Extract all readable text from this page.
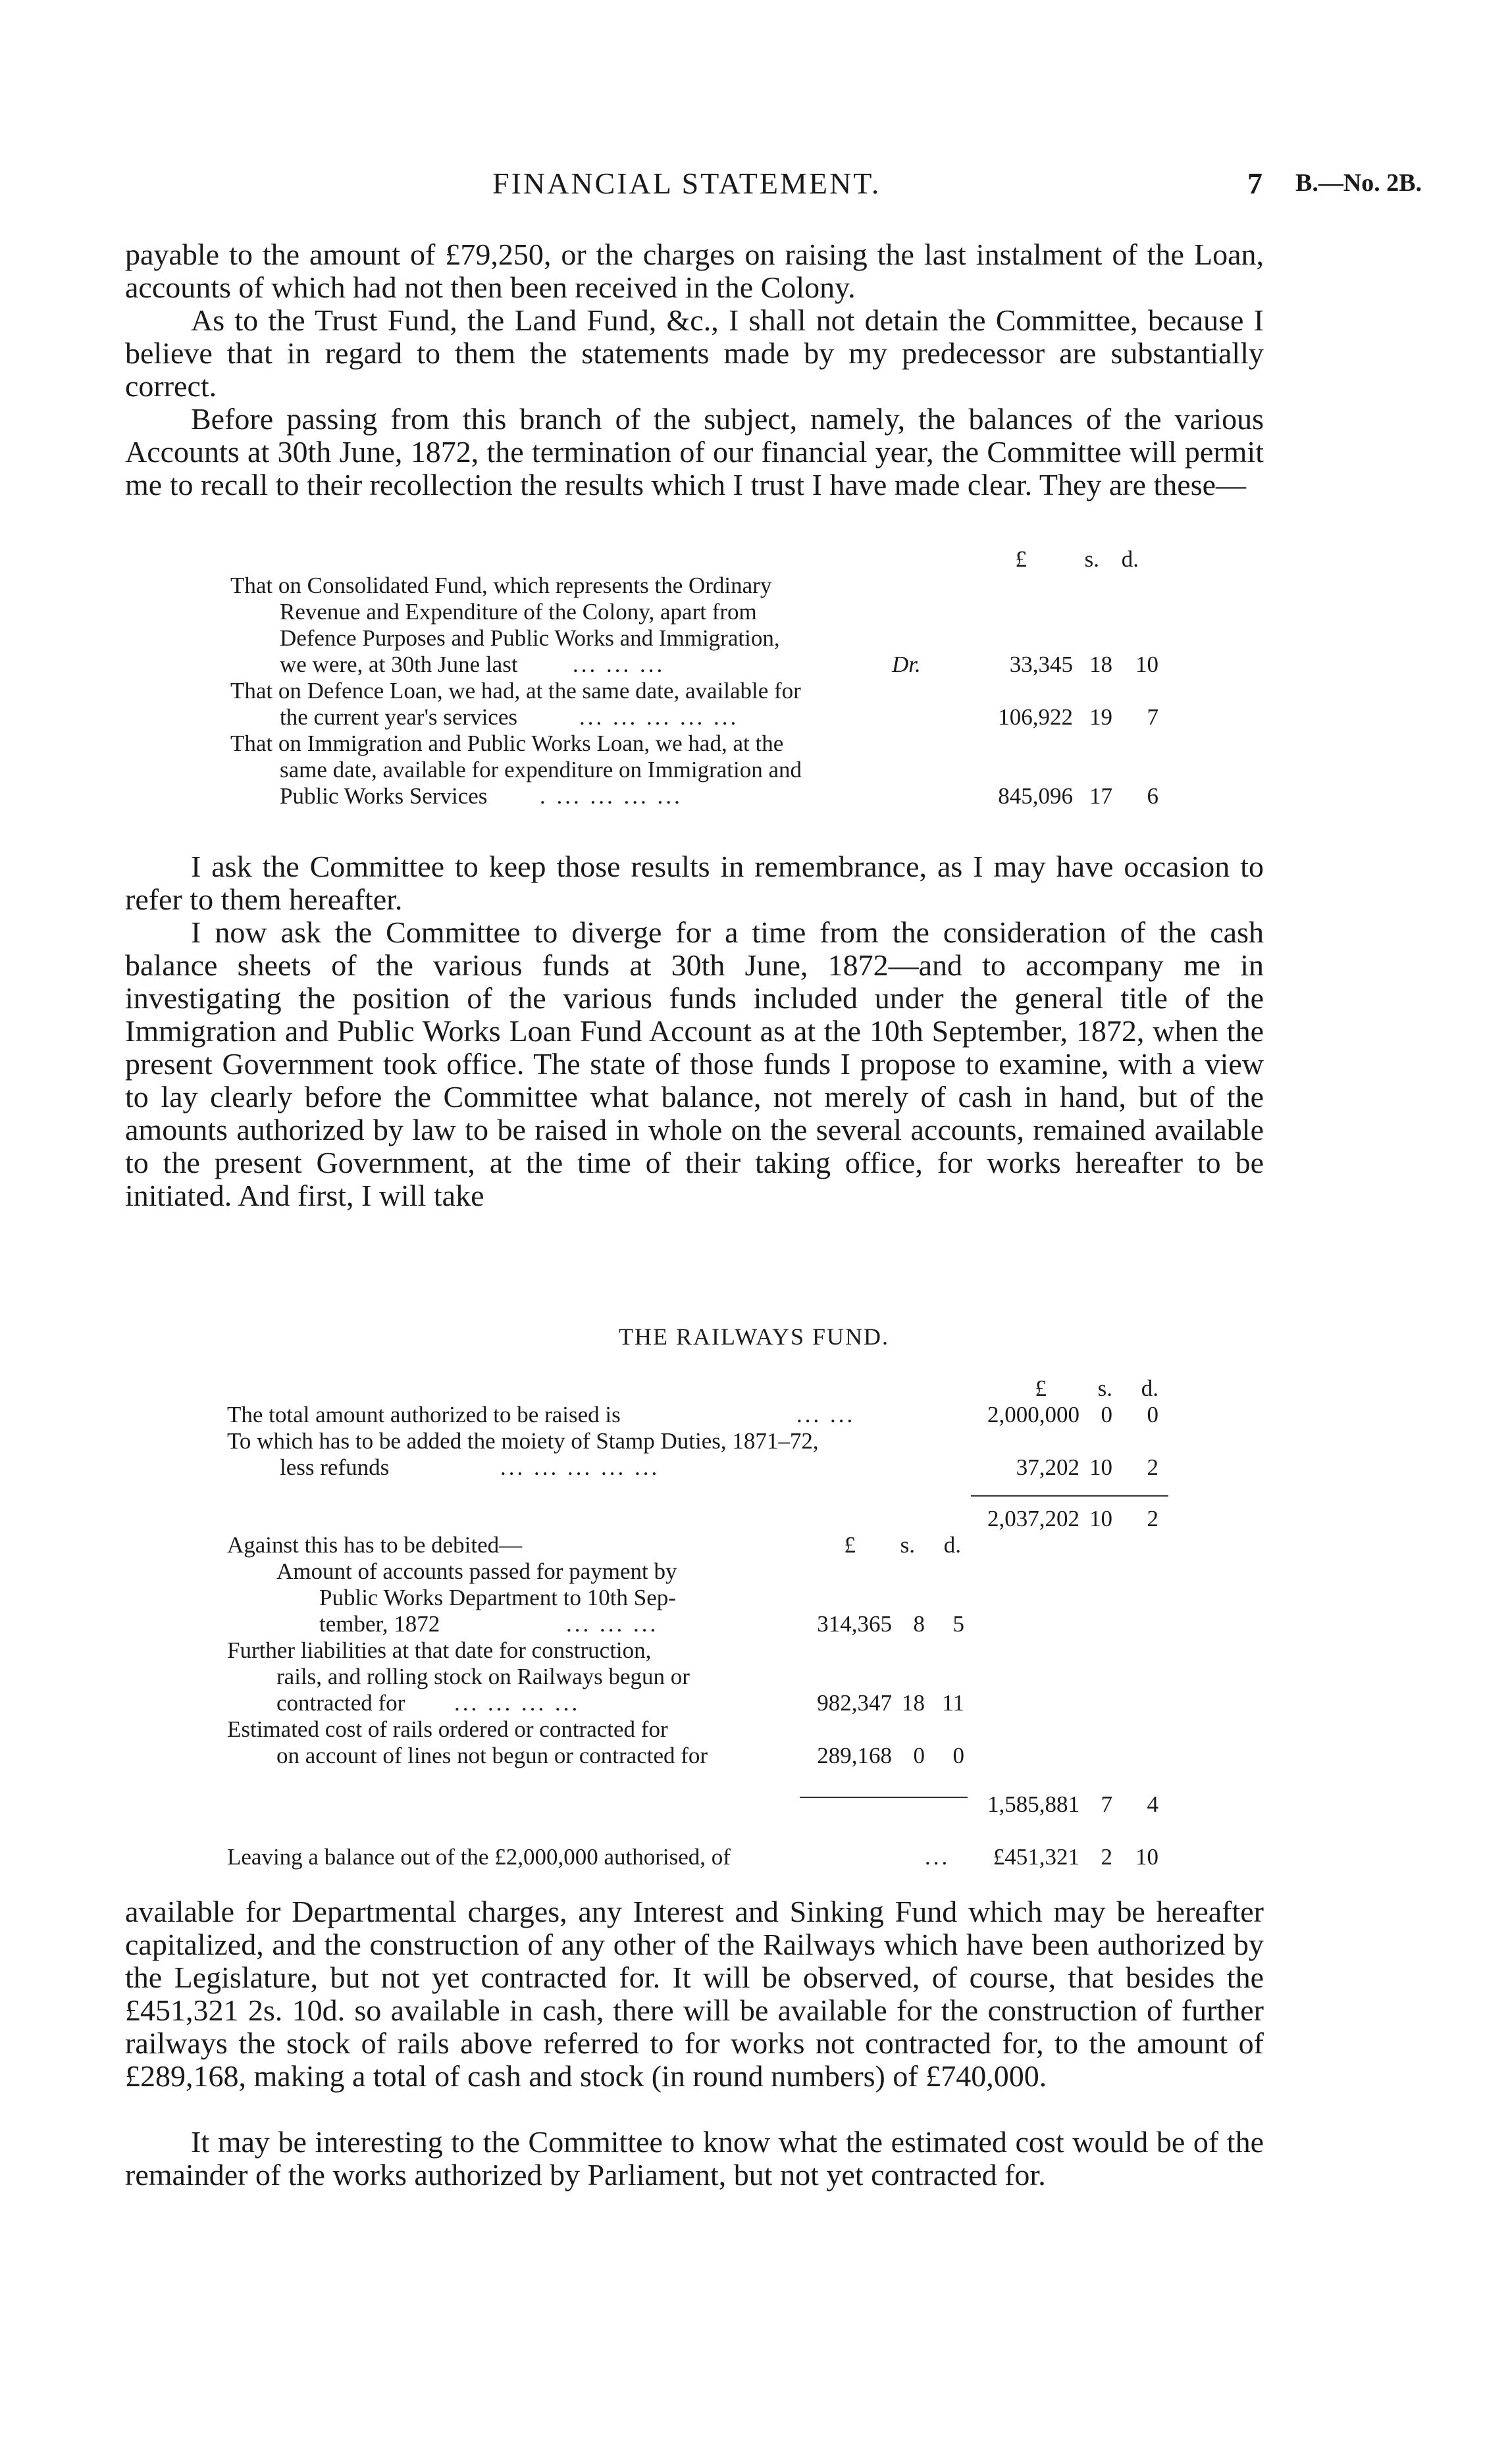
FINANCIAL STATEMENT.	7 B.—No. 2B.

payable to the amount of £79,250, or the charges on raising the last instalment of the Loan, accounts of which had not then been received in the Colony.

As to the Trust Fund, the Land Fund, &c., I shall not detain the Committee, because I believe that in regard to them the statements made by my predecessor are substantially correct.

Before passing from this branch of the subject, namely, the balances of the various Accounts at 30th June, 1872, the termination of our financial year, the Committee will permit me to recall to their recollection the results which I trust I have made clear. They are these—

£	s. d.
That on Consolidated Fund, which represents the Ordinary
Revenue and Expenditure of the Colony, apart from
Defence Purposes and Public Works and Immigration,
we were, at 30th June last ... ... ...	Dr.	33,345 18	10
That on Defence Loan, we had, at the same date, available for
the current year's services	... ... ... ... ...	106,922 19	7
That on Immigration and Public Works Loan, we had, at the
same date, available for expenditure on Immigration and
Public Works Services . ... ... ... ...	845,096 17	6

I ask the Committee to keep those results in remembrance, as I may have occasion to refer to them hereafter.

I now ask the Committee to diverge for a time from the consideration of the cash balance sheets of the various funds at 30th June, 1872—and to accompany me in investigating the position of the various funds included under the general title of the Immigration and Public Works Loan Fund Account as at the 10th September, 1872, when the present Government took office. The state of those funds I propose to examine, with a view to lay clearly before the Committee what balance, not merely of cash in hand, but of the amounts authorized by law to be raised in whole on the several accounts, remained available to the present Government, at the time of their taking office, for works hereafter to be initiated. And first, I will take

THE RAILWAYS FUND.
£	s.	d.
The total amount authorized to be raised is	... ...	2,000,000 0	0
To which has to be added the moiety of Stamp Duties, 1871–72,
less refunds	... ... ... ... ...	37,202 10	2
2,037,202 10	2
Against this has to be debited—	£	s.	d.
Amount of accounts passed for payment by
Public Works Department to 10th Sep-
tember, 1872	... ... ...	314,365 8	5
Further liabilities at that date for construction,
rails, and rolling stock on Railways begun or
contracted for ... ... ... ...	982,347 18 11
Estimated cost of rails ordered or contracted for
on account of lines not begun or contracted for	289,168 0	0
1,585,881 7	4
Leaving a balance out of the £2,000,000 authorised, of	...	£451,321 2	10

available for Departmental charges, any Interest and Sinking Fund which may be hereafter capitalized, and the construction of any other of the Railways which have been authorized by the Legislature, but not yet contracted for. It will be observed, of course, that besides the £451,321 2s. 10d. so available in cash, there will be available for the construction of further railways the stock of rails above referred to for works not contracted for, to the amount of £289,168, making a total of cash and stock (in round numbers) of £740,000.

It may be interesting to the Committee to know what the estimated cost would be of the remainder of the works authorized by Parliament, but not yet contracted for.
